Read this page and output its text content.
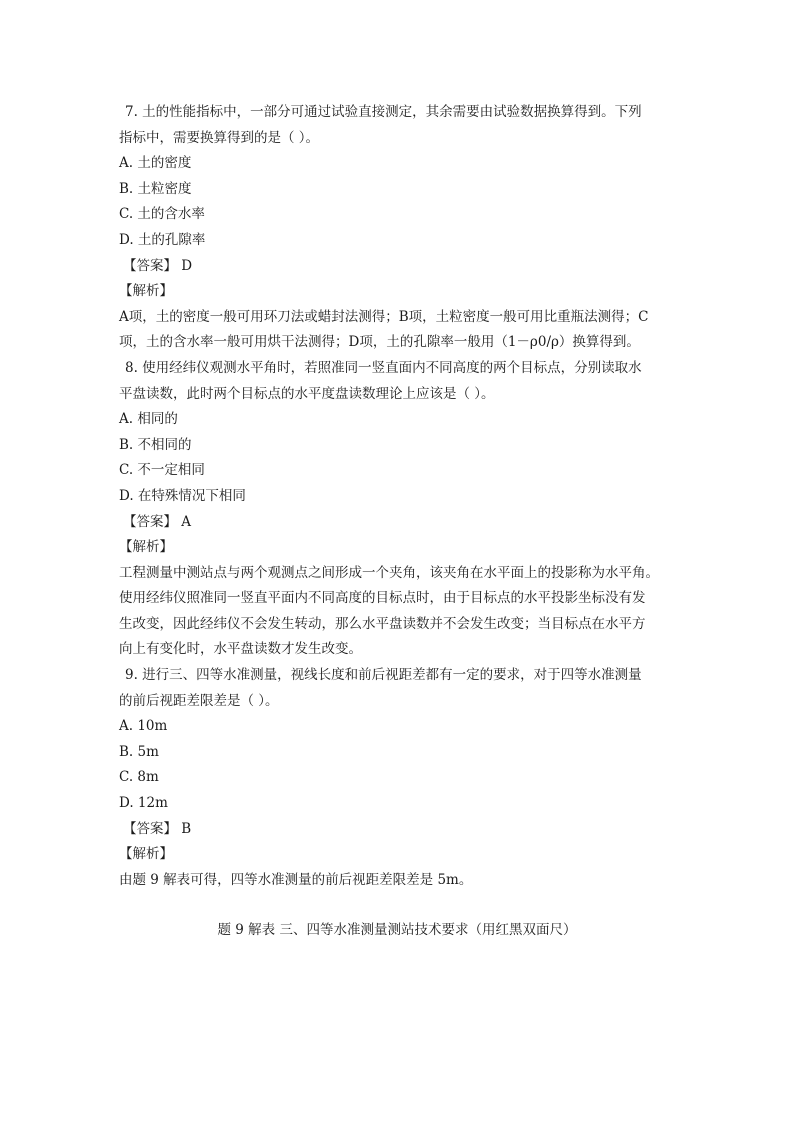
7. 土的性能指标中，一部分可通过试验直接测定，其余需要由试验数据换算得到。下列
指标中，需要换算得到的是（ ）。
A. 土的密度
B. 土粒密度
C. 土的含水率
D. 土的孔隙率
【答案】 D
【解析】
A项，土的密度一般可用环刀法或蜡封法测得；B项，土粒密度一般可用比重瓶法测得；C
项，土的含水率一般可用烘干法测得；D项，土的孔隙率一般用（1－ρ0/ρ）换算得到。
8. 使用经纬仪观测水平角时，若照准同一竖直面内不同高度的两个目标点，分别读取水
平盘读数，此时两个目标点的水平度盘读数理论上应该是（ ）。
A. 相同的
B. 不相同的
C. 不一定相同
D. 在特殊情况下相同
【答案】 A
【解析】
工程测量中测站点与两个观测点之间形成一个夹角，该夹角在水平面上的投影称为水平角。
使用经纬仪照准同一竖直平面内不同高度的目标点时，由于目标点的水平投影坐标没有发
生改变，因此经纬仪不会发生转动，那么水平盘读数并不会发生改变；当目标点在水平方
向上有变化时，水平盘读数才发生改变。
9. 进行三、四等水准测量，视线长度和前后视距差都有一定的要求，对于四等水准测量
的前后视距差限差是（ ）。
A. 10m
B. 5m
C. 8m
D. 12m
【答案】 B
【解析】
由题 9 解表可得，四等水准测量的前后视距差限差是 5m。
题 9 解表 三、四等水准测量测站技术要求（用红黑双面尺）
